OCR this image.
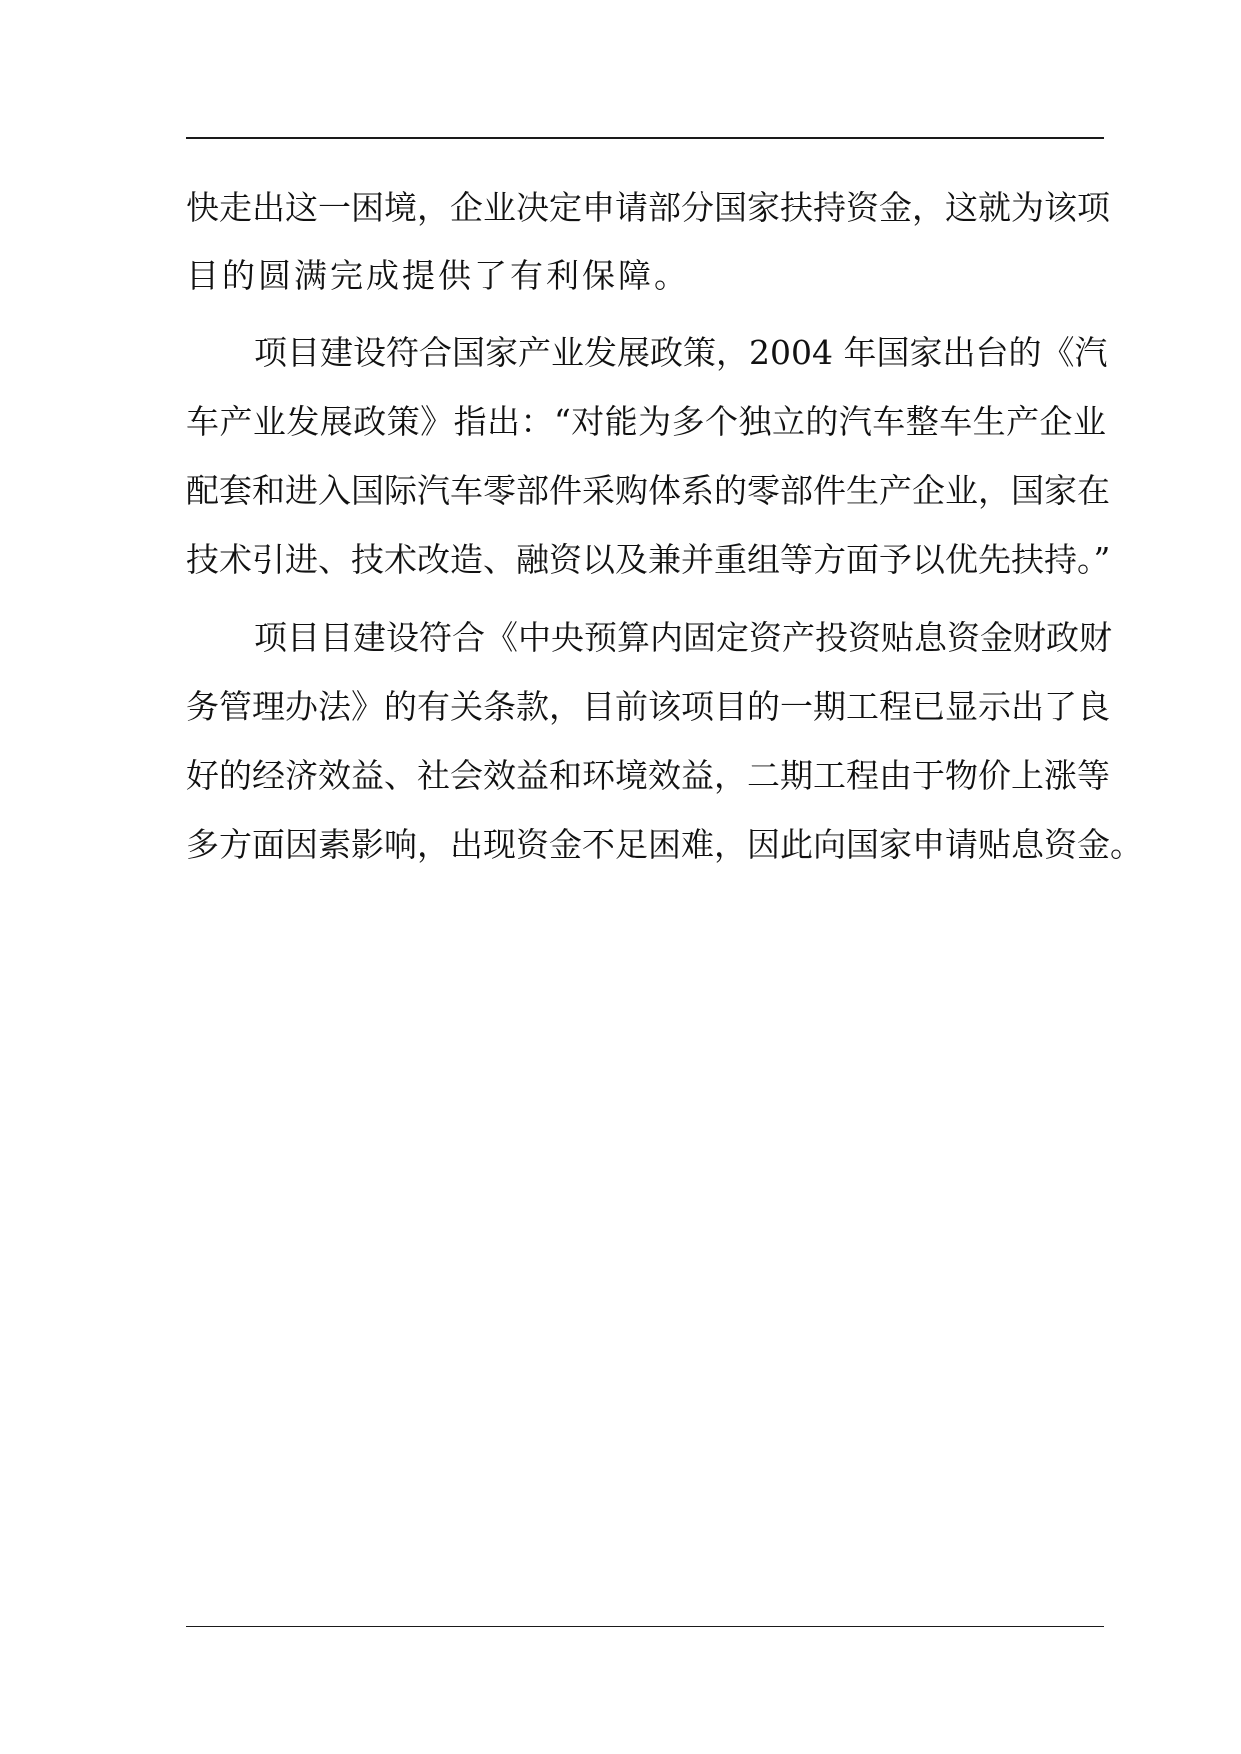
快走出这一困境，企业决定申请部分国家扶持资金，这就为该项
目的圆满完成提供了有利保障。
项目建设符合国家产业发展政策，2004 年国家出台的《汽
车产业发展政策》指出：“对能为多个独立的汽车整车生产企业
配套和进入国际汽车零部件采购体系的零部件生产企业，国家在
技术引进、技术改造、融资以及兼并重组等方面予以优先扶持。”
项目目建设符合《中央预算内固定资产投资贴息资金财政财
务管理办法》的有关条款，目前该项目的一期工程已显示出了良
好的经济效益、社会效益和环境效益，二期工程由于物价上涨等
多方面因素影响，出现资金不足困难，因此向国家申请贴息资金。
